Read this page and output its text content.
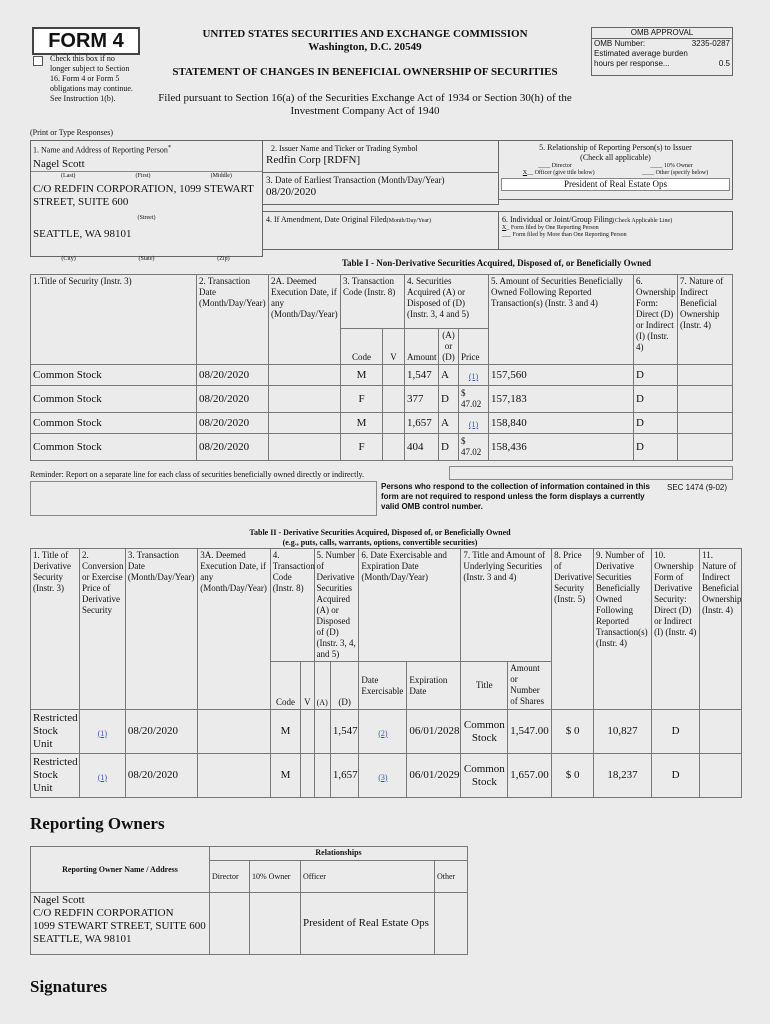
FORM 4
Check this box if no longer subject to Section 16. Form 4 or Form 5 obligations may continue. See Instruction 1(b).
UNITED STATES SECURITIES AND EXCHANGE COMMISSION
Washington, D.C. 20549
STATEMENT OF CHANGES IN BENEFICIAL OWNERSHIP OF SECURITIES
Filed pursuant to Section 16(a) of the Securities Exchange Act of 1934 or Section 30(h) of the Investment Company Act of 1940
OMB APPROVAL
OMB Number:	3235-0287
Estimated average burden
hours per response...	0.5
(Print or Type Responses)
1. Name and Address of Reporting Person*
Nagel Scott
(Last)	(First)	(Middle)
C/O REDFIN CORPORATION, 1099 STEWART STREET, SUITE 600
(Street)
SEATTLE, WA 98101
(City)	(State)	(Zip)
2. Issuer Name and Ticker or Trading Symbol
Redfin Corp [RDFN]
3. Date of Earliest Transaction (Month/Day/Year)
08/20/2020
4. If Amendment, Date Original Filed(Month/Day/Year)
5. Relationship of Reporting Person(s) to Issuer
(Check all applicable)
____ Director	____ 10% Owner
X__ Officer (give title below)	____ Other (specify below)
President of Real Estate Ops
6. Individual or Joint/Group Filing(Check Applicable Line)
X_ Form filed by One Reporting Person
___ Form filed by More than One Reporting Person
Table I - Non-Derivative Securities Acquired, Disposed of, or Beneficially Owned
1.Title of Security (Instr. 3)	2. Transaction Date (Month/Day/Year)	2A. Deemed Execution Date, if any (Month/Day/Year)	3. Transaction Code (Instr. 8)		4. Securities Acquired (A) or Disposed of (D) (Instr. 3, 4 and 5)			5. Amount of Securities Beneficially Owned Following Reported Transaction(s) (Instr. 3 and 4)	6. Ownership Form: Direct (D) or Indirect (I) (Instr. 4)	7. Nature of Indirect Beneficial Ownership (Instr. 4)
			Code	V	Amount	(A) or (D)	Price			
Common Stock	08/20/2020		M		1,547	A	(1)	157,560	D	
Common Stock	08/20/2020		F		377	D	$ 47.02	157,183	D	
Common Stock	08/20/2020		M		1,657	A	(1)	158,840	D	
Common Stock	08/20/2020		F		404	D	$ 47.02	158,436	D	
Reminder: Report on a separate line for each class of securities beneficially owned directly or indirectly.
Persons who respond to the collection of information contained in this form are not required to respond unless the form displays a currently valid OMB control number.
SEC 1474 (9-02)
Table II - Derivative Securities Acquired, Disposed of, or Beneficially Owned
(e.g., puts, calls, warrants, options, convertible securities)
1. Title of Derivative Security (Instr. 3)	2. Conversion or Exercise Price of Derivative Security	3. Transaction Date (Month/Day/Year)	3A. Deemed Execution Date, if any (Month/Day/Year)	4. Transaction Code (Instr. 8)		5. Number of Derivative Securities Acquired (A) or Disposed of (D) (Instr. 3, 4, and 5)		6. Date Exercisable and Expiration Date (Month/Day/Year)		7. Title and Amount of Underlying Securities (Instr. 3 and 4)		8. Price of Derivative Security (Instr. 5)	9. Number of Derivative Securities Beneficially Owned Following Reported Transaction(s) (Instr. 4)	10. Ownership Form of Derivative Security: Direct (D) or Indirect (I) (Instr. 4)	11. Nature of Indirect Beneficial Ownership (Instr. 4)
				Code	V	(A)	(D)	Date Exercisable	Expiration Date	Title	Amount or Number of Shares				
Restricted Stock Unit	(1)	08/20/2020		M			1,547	(2)	06/01/2028	Common Stock	1,547.00	$ 0	10,827	D	
Restricted Stock Unit	(1)	08/20/2020		M			1,657	(3)	06/01/2029	Common Stock	1,657.00	$ 0	18,237	D	
Reporting Owners
Reporting Owner Name / Address	Relationships			
	Director	10% Owner	Officer	Other

Nagel Scott
C/O REDFIN CORPORATION
1099 STEWART STREET, SUITE 600
SEATTLE, WA 98101			President of Real Estate Ops	
Signatures
